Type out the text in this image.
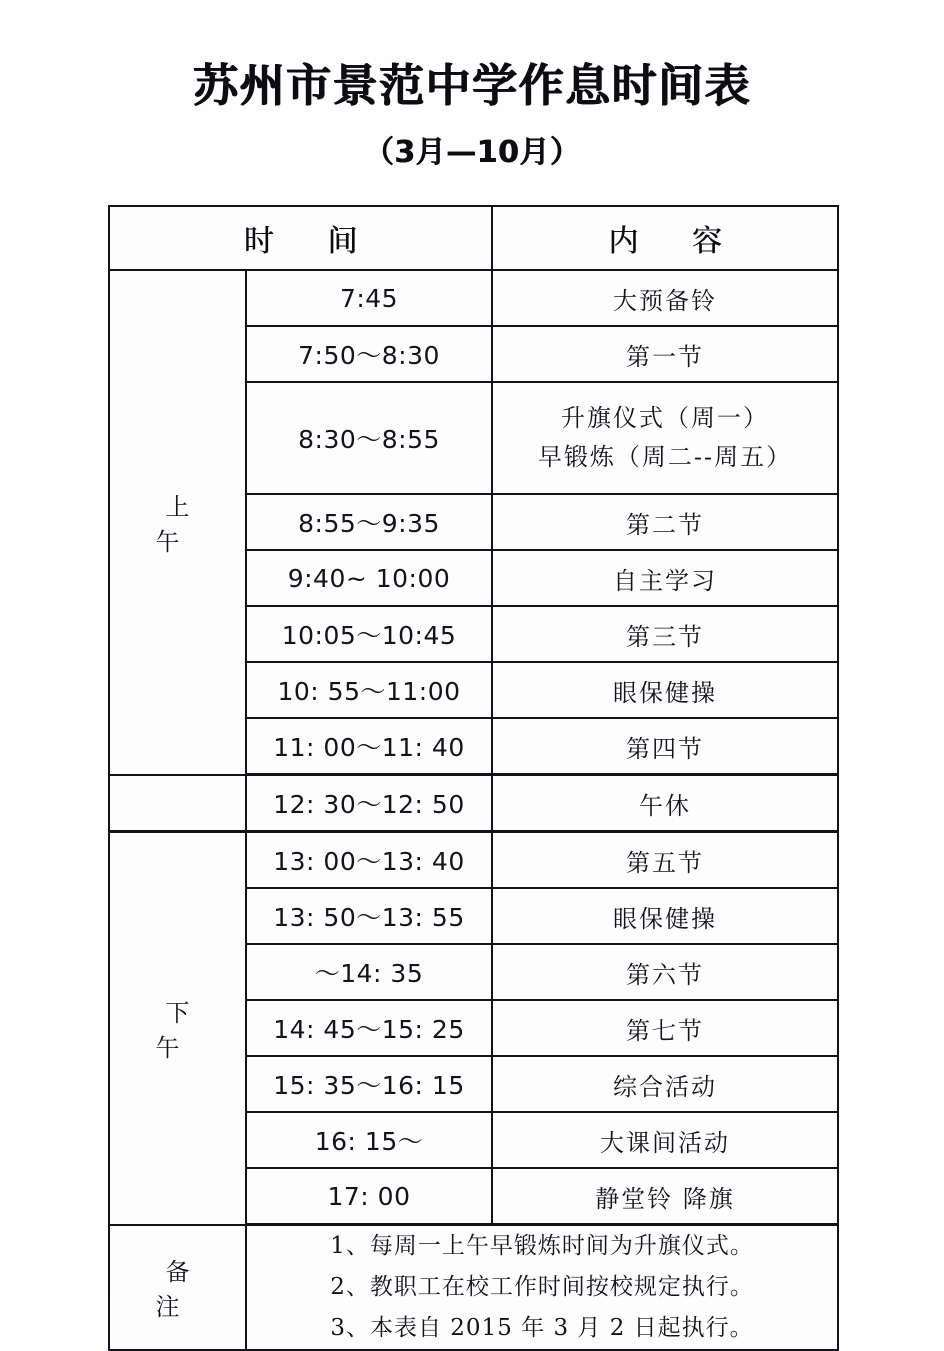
苏州市景范中学作息时间表
（3月—10月）
时 间		内 容
上 午	7:45	大预备铃
	7:50～8:30	第一节
	8:30～8:55	升旗仪式（周一）
早锻炼（周二--周五）

	8:55～9:35	第二节
	9:40~ 10:00	自主学习
	10:05～10:45	第三节
	10: 55～11:00	眼保健操
	11: 00～11: 40	第四节
	12: 30～12: 50	午休
下 午	13: 00～13: 40	第五节
	13: 50～13: 55	眼保健操
	～14: 35	第六节
	14: 45～15: 25	第七节
	15: 35～16: 15	综合活动
	16: 15～	大课间活动
	17: 00	静堂铃 降旗
备 注	1、每周一上午早锻炼时间为升旗仪式。
2、教职工在校工作时间按校规定执行。
3、本表自 2015 年 3 月 2 日起执行。	
